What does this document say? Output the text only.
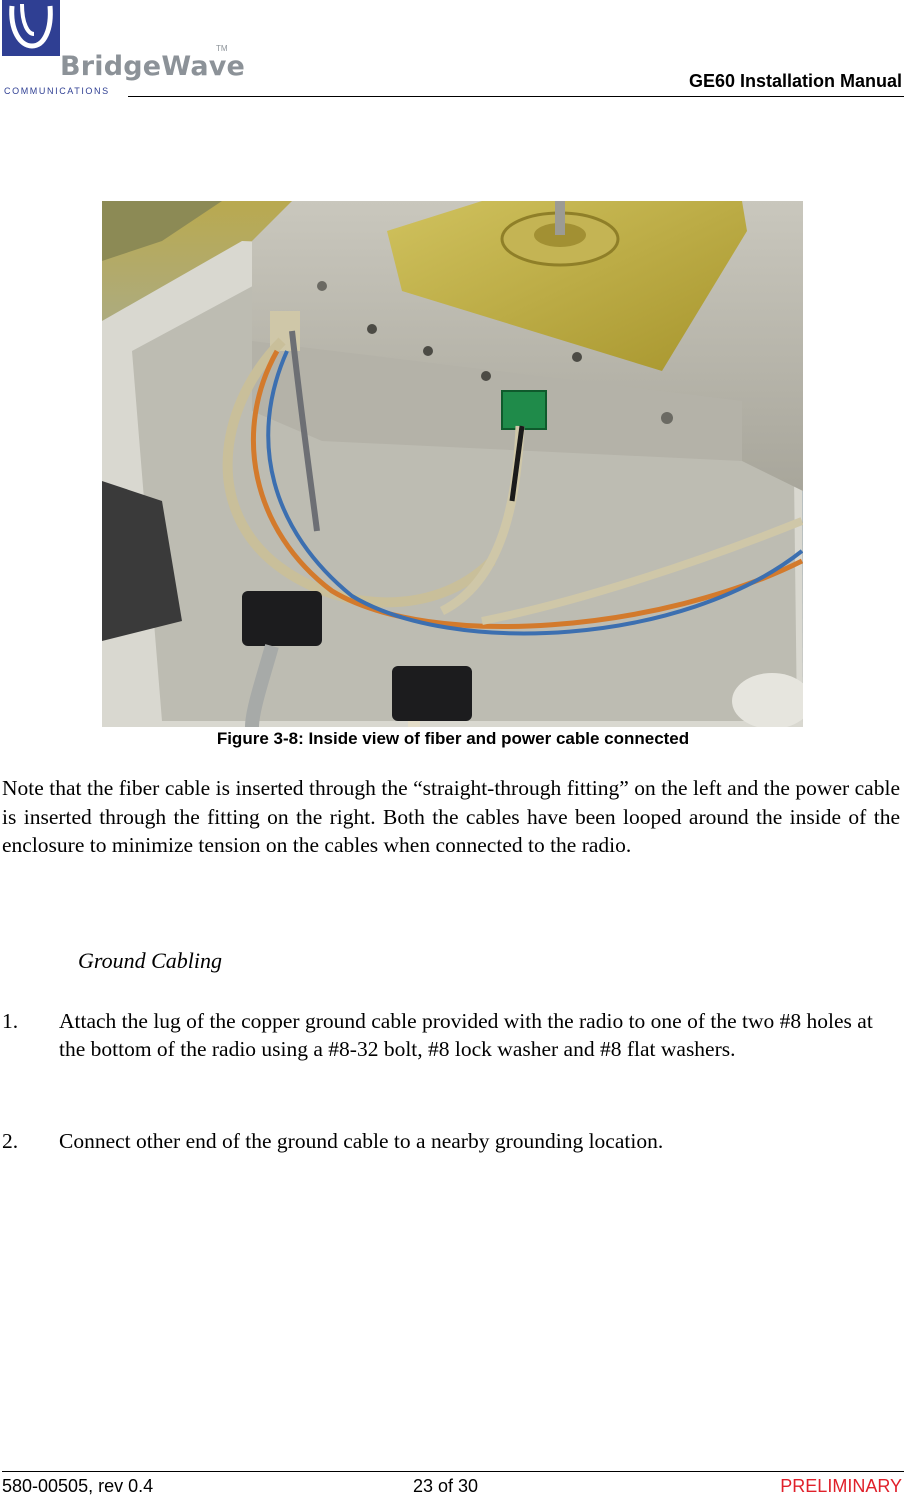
BridgeWave
TM
COMMUNICATIONS	GE60 Installation Manual
Figure 3-8: Inside view of fiber and power cable connected
Note that the fiber cable is inserted through the “straight-through fitting” on the left and the power cable is inserted through the fitting on the right. Both the cables have been looped around the inside of the enclosure to minimize tension on the cables when connected to the radio.
Ground Cabling
1. Attach the lug of the copper ground cable provided with the radio to one of the two #8 holes at the bottom of the radio using a #8-32 bolt, #8 lock washer and #8 flat washers.
2. Connect other end of the ground cable to a nearby grounding location.
580-00505, rev 0.4	23 of 30	PRELIMINARY
